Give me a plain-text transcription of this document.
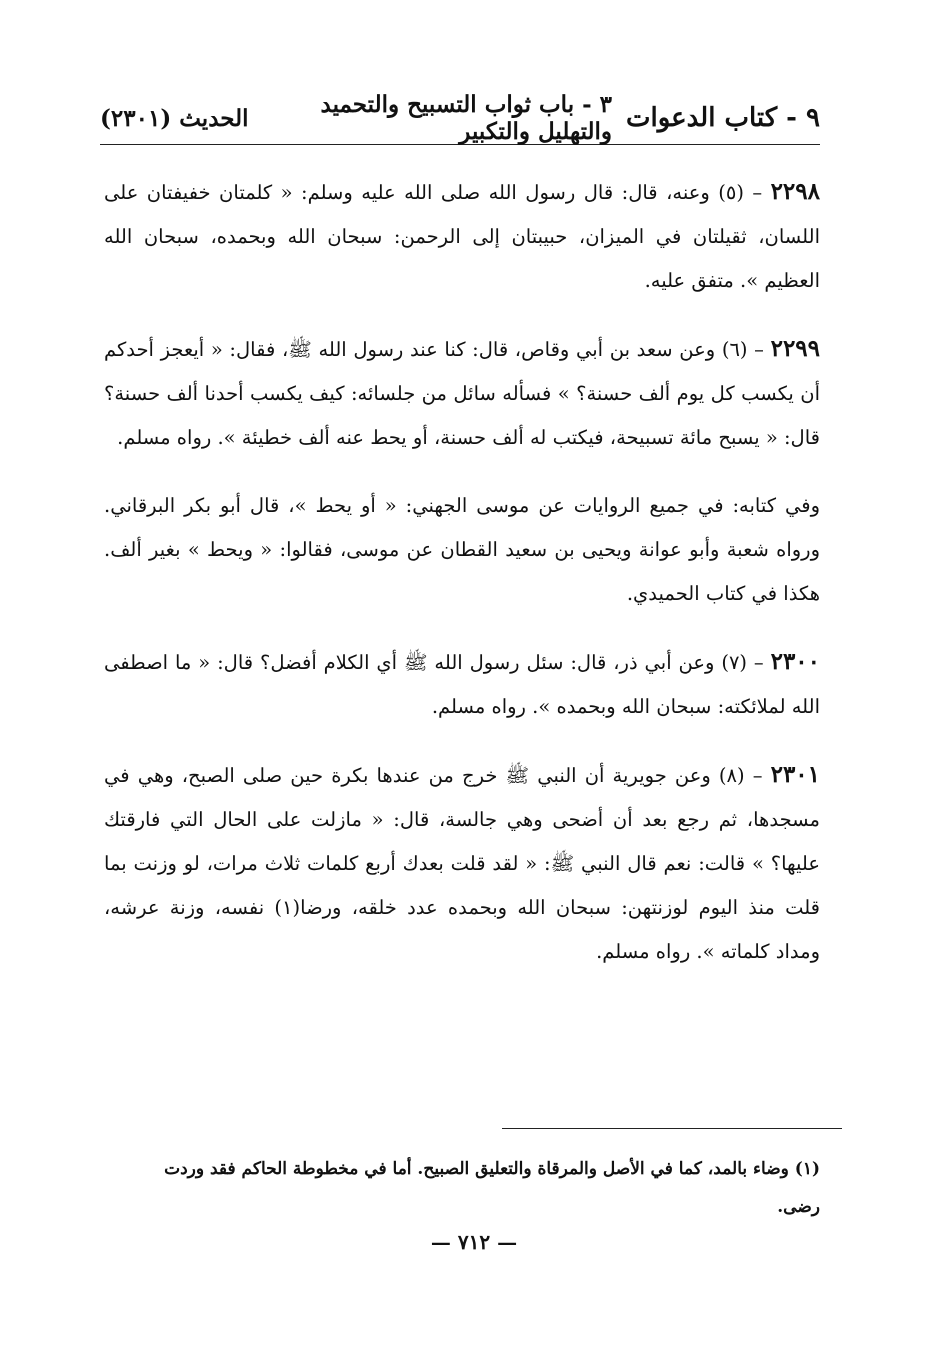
٩ - كتاب الدعوات
٣ - باب ثواب التسبيح والتحميد والتهليل والتكبير
الحديث (٢٣٠١)

٢٢٩٨ – (٥) وعنه، قال: قال رسول الله صلى الله عليه وسلم: « كلمتان خفيفتان على اللسان، ثقيلتان في الميزان، حبيبتان إلى الرحمن: سبحان الله وبحمده، سبحان الله العظيم ». متفق عليه.

٢٢٩٩ – (٦) وعن سعد بن أبي وقاص، قال: كنا عند رسول الله ﷺ، فقال: « أيعجز أحدكم أن يكسب كل يوم ألف حسنة؟ » فسأله سائل من جلسائه: كيف يكسب أحدنا ألف حسنة؟ قال: « يسبح مائة تسبيحة، فيكتب له ألف حسنة، أو يحط عنه ألف خطيئة ». رواه مسلم.

وفي كتابه: في جميع الروايات عن موسى الجهني: « أو يحط »، قال أبو بكر البرقاني. ورواه شعبة وأبو عوانة ويحيى بن سعيد القطان عن موسى، فقالوا: « ويحط » بغير ألف. هكذا في كتاب الحميدي.

٢٣٠٠ – (٧) وعن أبي ذر، قال: سئل رسول الله ﷺ أي الكلام أفضل؟ قال: « ما اصطفى الله لملائكته: سبحان الله وبحمده ». رواه مسلم.

٢٣٠١ – (٨) وعن جويرية أن النبي ﷺ خرج من عندها بكرة حين صلى الصبح، وهي في مسجدها، ثم رجع بعد أن أضحى وهي جالسة، قال: « مازلت على الحال التي فارقتك عليها؟ » قالت: نعم قال النبي ﷺ: « لقد قلت بعدك أربع كلمات ثلاث مرات، لو وزنت بما قلت منذ اليوم لوزنتهن: سبحان الله وبحمده عدد خلقه، ورضا(١) نفسه، وزنة عرشه، ومداد كلماته ». رواه مسلم.

(١) وضاء بالمد، كما في الأصل والمرقاة والتعليق الصبيح. أما في مخطوطة الحاكم فقد وردت رضى.
— ٧١٢ —
